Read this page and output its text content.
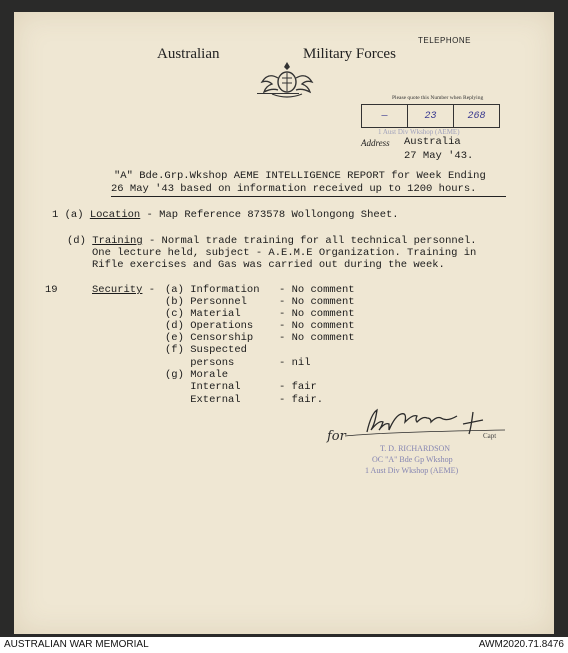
Australian

	Military Forces
TELEPHONE
Please quote this Number when Replying
—	23	268
1 Aust Div Wkshop (AEME)
Address Australia
27 May '43.
"A" Bde.Grp.Wkshop AEME INTELLIGENCE REPORT for Week Ending
26 May '43 based on information received up to 1200 hours.
1 (a) Location - Map Reference 873578 Wollongong Sheet.
(d) Training - Normal trade training for all technical personnel.
One lecture held, subject - A.E.M.E Organization. Training in
Rifle exercises and Gas was carried out during the week.
19	Security - (a) Information - No comment
(b) Personnel	- No comment
(c) Material	- No comment
(d) Operations - No comment
(e) Censorship - No comment
(f) Suspected
persons	- nil
(g) Morale
Internal	- fair
External	- fair.
for	Capt
T. D. RICHARDSON
OC "A" Bde Gp Wkshop
1 Aust Div Wkshop (AEME)
AUSTRALIAN WAR MEMORIAL	AWM2020.71.8476
